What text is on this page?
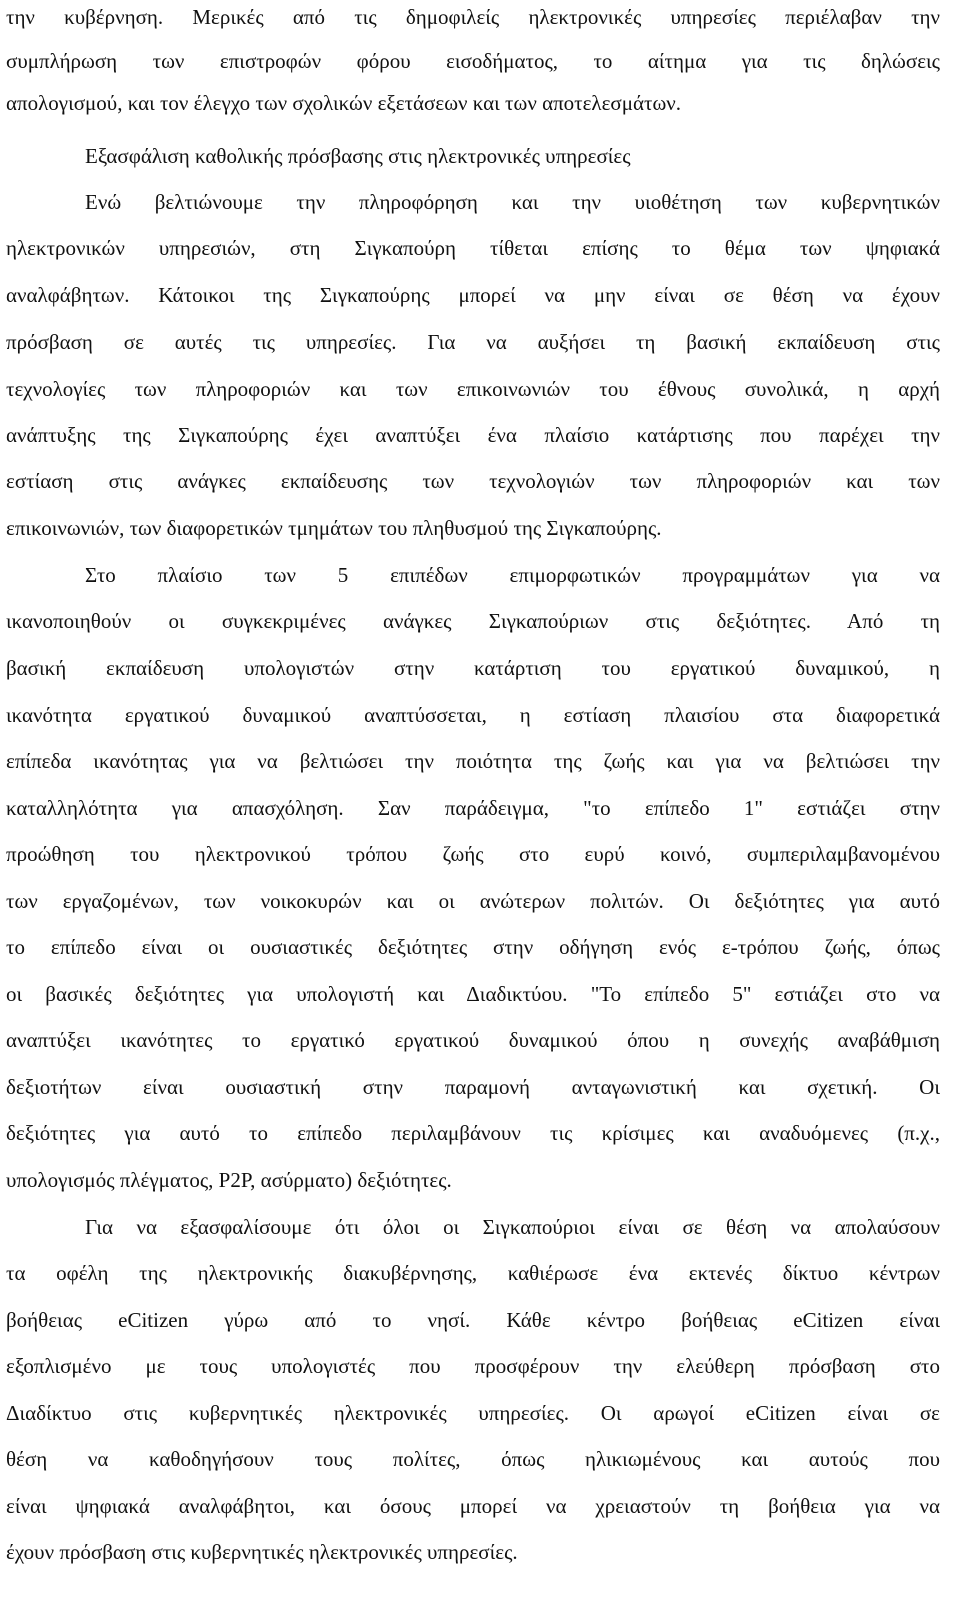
την κυβέρνηση. Μερικές από τις δημοφιλείς ηλεκτρονικές υπηρεσίες περιέλαβαν την
συμπλήρωση των επιστροφών φόρου εισοδήματος, το αίτημα για τις δηλώσεις
απολογισμού, και τον έλεγχο των σχολικών εξετάσεων και των αποτελεσμάτων.
Εξασφάλιση καθολικής πρόσβασης στις ηλεκτρονικές υπηρεσίες
Ενώ βελτιώνουμε την πληροφόρηση και την υιοθέτηση των κυβερνητικών
ηλεκτρονικών υπηρεσιών, στη Σιγκαπούρη τίθεται επίσης το θέμα των ψηφιακά
αναλφάβητων. Κάτοικοι της Σιγκαπούρης μπορεί να μην είναι σε θέση να έχουν
πρόσβαση σε αυτές τις υπηρεσίες. Για να αυξήσει τη βασική εκπαίδευση στις
τεχνολογίες των πληροφοριών και των επικοινωνιών του έθνους συνολικά, η αρχή
ανάπτυξης της Σιγκαπούρης έχει αναπτύξει ένα πλαίσιο κατάρτισης που παρέχει την
εστίαση στις ανάγκες εκπαίδευσης των τεχνολογιών των πληροφοριών και των
επικοινωνιών, των διαφορετικών τμημάτων του πληθυσμού της Σιγκαπούρης.
Στο πλαίσιο των 5 επιπέδων επιμορφωτικών προγραμμάτων για να
ικανοποιηθούν οι συγκεκριμένες ανάγκες Σιγκαπούριων στις δεξιότητες. Από τη
βασική εκπαίδευση υπολογιστών στην κατάρτιση του εργατικού δυναμικού, η
ικανότητα εργατικού δυναμικού αναπτύσσεται, η εστίαση πλαισίου στα διαφορετικά
επίπεδα ικανότητας για να βελτιώσει την ποιότητα της ζωής και για να βελτιώσει την
καταλληλότητα για απασχόληση. Σαν παράδειγμα, "το επίπεδο 1" εστιάζει στην
προώθηση του ηλεκτρονικού τρόπου ζωής στο ευρύ κοινό, συμπεριλαμβανομένου
των εργαζομένων, των νοικοκυρών και οι ανώτερων πολιτών. Οι δεξιότητες για αυτό
το επίπεδο είναι οι ουσιαστικές δεξιότητες στην οδήγηση ενός ε-τρόπου ζωής, όπως
οι βασικές δεξιότητες για υπολογιστή και Διαδικτύου. "Το επίπεδο 5" εστιάζει στο να
αναπτύξει ικανότητες το εργατικό εργατικού δυναμικού όπου η συνεχής αναβάθμιση
δεξιοτήτων είναι ουσιαστική στην παραμονή ανταγωνιστική και σχετική. Οι
δεξιότητες για αυτό το επίπεδο περιλαμβάνουν τις κρίσιμες και αναδυόμενες (π.χ.,
υπολογισμός πλέγματος, P2P, ασύρματο) δεξιότητες.
Για να εξασφαλίσουμε ότι όλοι οι Σιγκαπούριοι είναι σε θέση να απολαύσουν
τα οφέλη της ηλεκτρονικής διακυβέρνησης, καθιέρωσε ένα εκτενές δίκτυο κέντρων
βοήθειας eCitizen γύρω από το νησί. Κάθε κέντρο βοήθειας eCitizen είναι
εξοπλισμένο με τους υπολογιστές που προσφέρουν την ελεύθερη πρόσβαση στο
Διαδίκτυο στις κυβερνητικές ηλεκτρονικές υπηρεσίες. Οι αρωγοί eCitizen είναι σε
θέση να καθοδηγήσουν τους πολίτες, όπως ηλικιωμένους και αυτούς που
είναι ψηφιακά αναλφάβητοι, και όσους μπορεί να χρειαστούν τη βοήθεια για να
έχουν πρόσβαση στις κυβερνητικές ηλεκτρονικές υπηρεσίες.
